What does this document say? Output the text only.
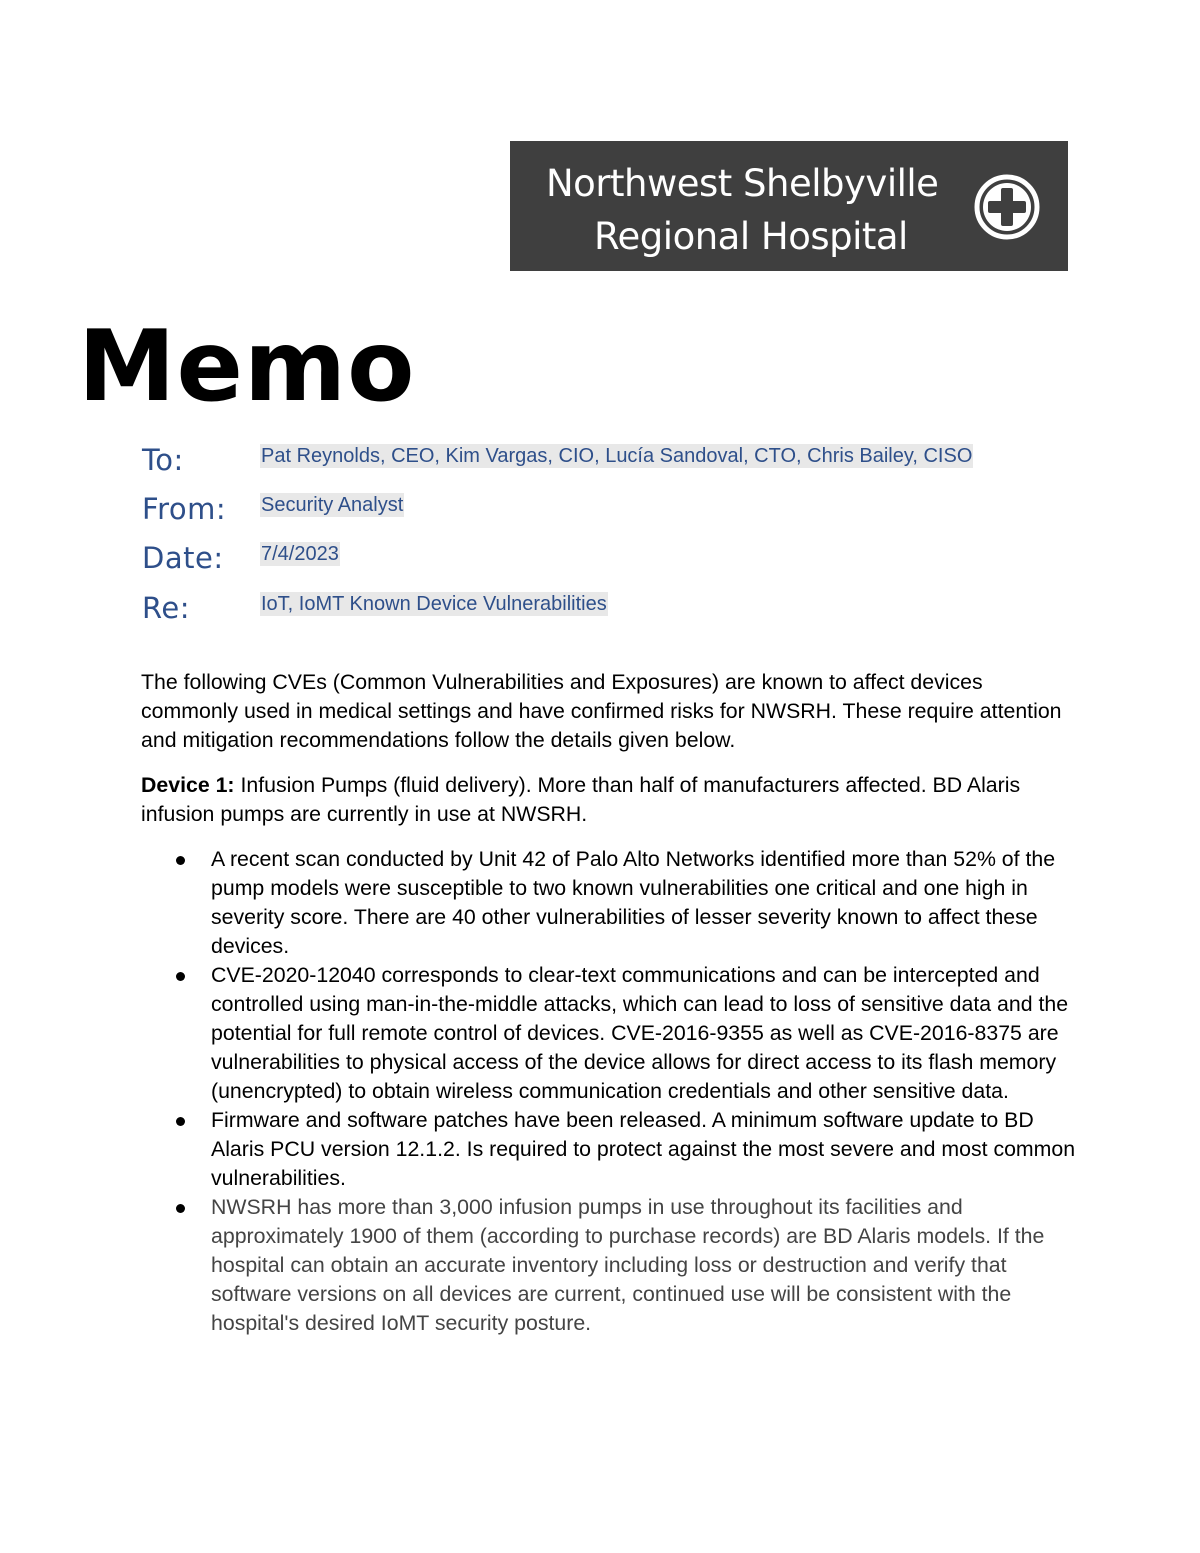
Northwest Shelbyville
Regional Hospital
Memo
To:	Pat Reynolds, CEO, Kim Vargas, CIO, Lucía Sandoval, CTO, Chris Bailey, CISO
From: Security Analyst
Date: 7/4/2023
Re:	IoT, IoMT Known Device Vulnerabilities

The following CVEs (Common Vulnerabilities and Exposures) are known to affect devices commonly used in medical settings and have confirmed risks for NWSRH. These require attention and mitigation recommendations follow the details given below.

Device 1: Infusion Pumps (fluid delivery). More than half of manufacturers affected. BD Alaris infusion pumps are currently in use at NWSRH.

A recent scan conducted by Unit 42 of Palo Alto Networks identified more than 52% of the pump models were susceptible to two known vulnerabilities one critical and one high in severity score. There are 40 other vulnerabilities of lesser severity known to affect these devices.
CVE-2020-12040 corresponds to clear-text communications and can be intercepted and controlled using man-in-the-middle attacks, which can lead to loss of sensitive data and the potential for full remote control of devices. CVE-2016-9355 as well as CVE-2016-8375 are vulnerabilities to physical access of the device allows for direct access to its flash memory (unencrypted) to obtain wireless communication credentials and other sensitive data.
Firmware and software patches have been released. A minimum software update to BD Alaris PCU version 12.1.2. Is required to protect against the most severe and most common vulnerabilities.
NWSRH has more than 3,000 infusion pumps in use throughout its facilities and approximately 1900 of them (according to purchase records) are BD Alaris models. If the hospital can obtain an accurate inventory including loss or destruction and verify that software versions on all devices are current, continued use will be consistent with the hospital's desired IoMT security posture.
